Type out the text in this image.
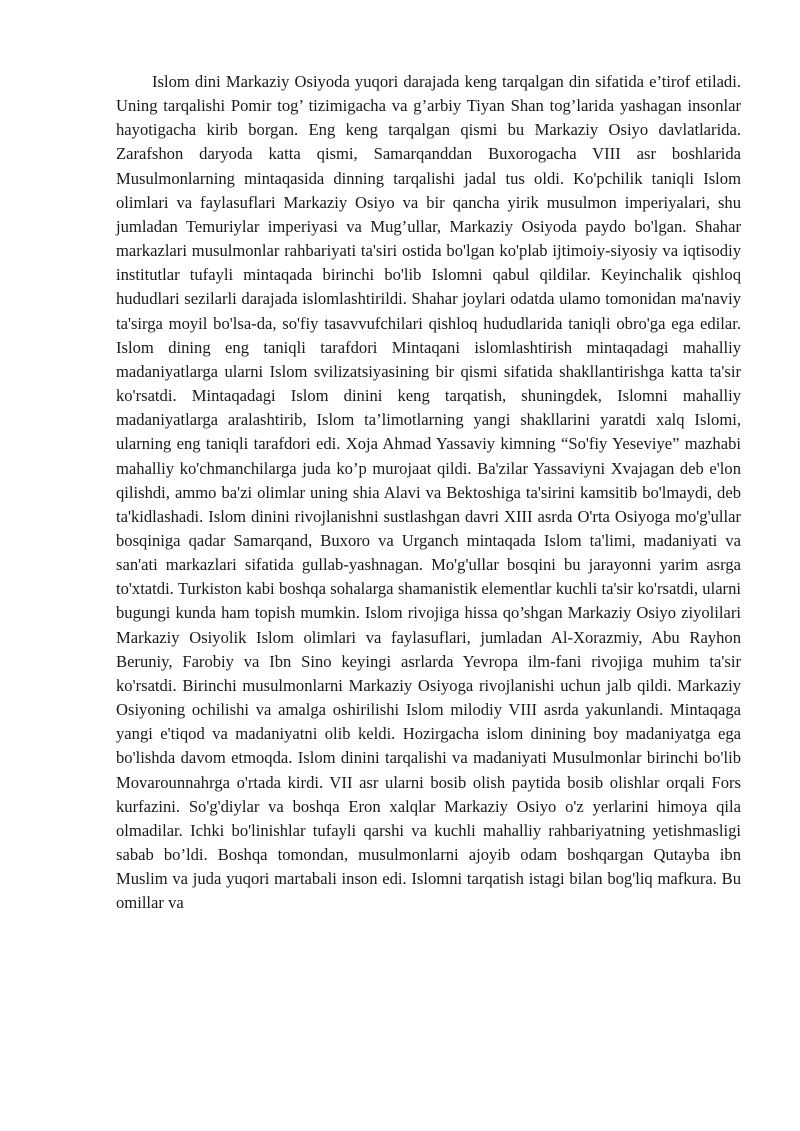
Islom dini Markaziy Osiyoda yuqori darajada keng tarqalgan din sifatida e’tirof etiladi. Uning tarqalishi Pomir tog’ tizimigacha va g’arbiy Tiyan Shan tog’larida yashagan insonlar hayotigacha kirib borgan. Eng keng tarqalgan qismi bu Markaziy Osiyo davlatlarida. Zarafshon daryoda katta qismi, Samarqanddan Buxorogacha VIII asr boshlarida Musulmonlarning mintaqasida dinning tarqalishi jadal tus oldi. Ko'pchilik taniqli Islom olimlari va faylasuflari Markaziy Osiyo va bir qancha yirik musulmon imperiyalari, shu jumladan Temuriylar imperiyasi va Mug’ullar, Markaziy Osiyoda paydo bo'lgan. Shahar markazlari musulmonlar rahbariyati ta'siri ostida bo'lgan ko'plab ijtimoiy-siyosiy va iqtisodiy institutlar tufayli mintaqada birinchi bo'lib Islomni qabul qildilar. Keyinchalik qishloq hududlari sezilarli darajada islomlashtirildi. Shahar joylari odatda ulamo tomonidan ma'naviy ta'sirga moyil bo'lsa-da, so'fiy tasavvufchilari qishloq hududlarida taniqli obro'ga ega edilar. Islom dining eng taniqli tarafdori Mintaqani islomlashtirish mintaqadagi mahalliy madaniyatlarga ularni Islom svilizatsiyasining bir qismi sifatida shakllantirishga katta ta'sir ko'rsatdi. Mintaqadagi Islom dinini keng tarqatish, shuningdek, Islomni mahalliy madaniyatlarga aralashtirib, Islom ta’limotlarning yangi shakllarini yaratdi xalq Islomi, ularning eng taniqli tarafdori edi. Xoja Ahmad Yassaviy kimning “So'fiy Yeseviye” mazhabi mahalliy ko'chmanchilarga juda ko’p murojaat qildi. Ba'zilar Yassaviyni Xvajagan deb e'lon qilishdi, ammo ba'zi olimlar uning shia Alavi va Bektoshiga ta'sirini kamsitib bo'lmaydi, deb ta'kidlashadi. Islom dinini rivojlanishni sustlashgan davri XIII asrda O'rta Osiyoga mo'g'ullar bosqiniga qadar Samarqand, Buxoro va Urganch mintaqada Islom ta'limi, madaniyati va san'ati markazlari sifatida gullab-yashnagan. Mo'g'ullar bosqini bu jarayonni yarim asrga to'xtatdi. Turkiston kabi boshqa sohalarga shamanistik elementlar kuchli ta'sir ko'rsatdi, ularni bugungi kunda ham topish mumkin. Islom rivojiga hissa qo’shgan Markaziy Osiyo ziyolilari Markaziy Osiyolik Islom olimlari va faylasuflari, jumladan Al-Xorazmiy, Abu Rayhon Beruniy, Farobiy va Ibn Sino keyingi asrlarda Yevropa ilm-fani rivojiga muhim ta'sir ko'rsatdi. Birinchi musulmonlarni Markaziy Osiyoga rivojlanishi uchun jalb qildi. Markaziy Osiyoning ochilishi va amalga oshirilishi Islom milodiy VIII asrda yakunlandi. Mintaqaga yangi e'tiqod va madaniyatni olib keldi. Hozirgacha islom dinining boy madaniyatga ega bo'lishda davom etmoqda. Islom dinini tarqalishi va madaniyati Musulmonlar birinchi bo'lib Movarounnahrga o'rtada kirdi. VII asr ularni bosib olish paytida bosib olishlar orqali Fors kurfazini. So'g'diylar va boshqa Eron xalqlar Markaziy Osiyo o'z yerlarini himoya qila olmadilar. Ichki bo'linishlar tufayli qarshi va kuchli mahalliy rahbariyatning yetishmasligi sabab bo’ldi. Boshqa tomondan, musulmonlarni ajoyib odam boshqargan Qutayba ibn Muslim va juda yuqori martabali inson edi. Islomni tarqatish istagi bilan bog'liq mafkura. Bu omillar va
